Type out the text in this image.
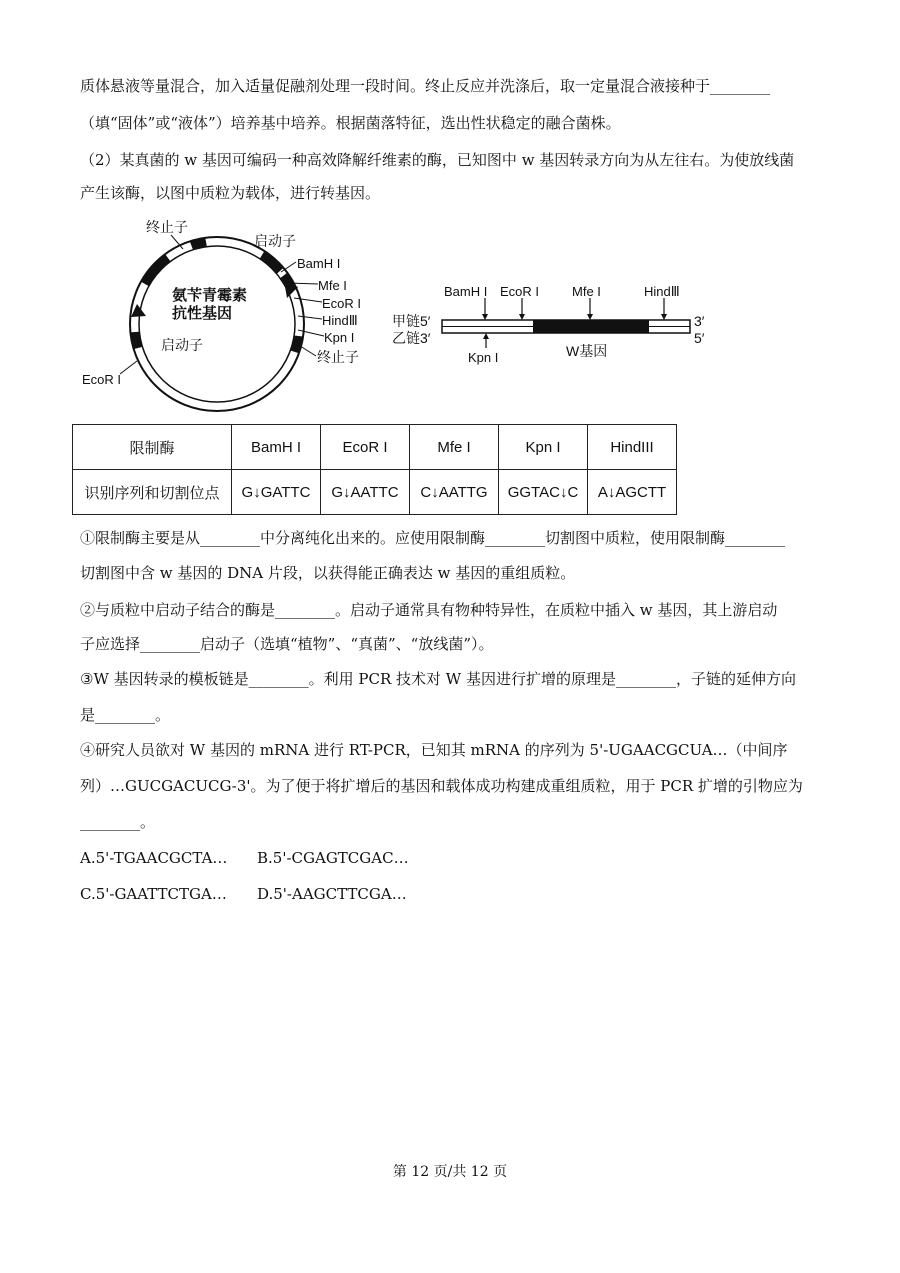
质体悬液等量混合，加入适量促融剂处理一段时间。终止反应并洗涤后，取一定量混合液接种于________
（填“固体”或“液体”）培养基中培养。根据菌落特征，选出性状稳定的融合菌株。
（2）某真菌的 w 基因可编码一种高效降解纤维素的酶，已知图中 w 基因转录方向为从左往右。为使放线菌
产生该酶，以图中质粒为载体，进行转基因。
终止子
启动子
BamH I
Mfe I
EcoR I
HindⅢ
Kpn I
终止子
启动子
EcoR I
氨苄青霉素
抗性基因
BamH I EcoR I	Mfe I	HindⅢ
Kpn I	W基因
甲链5′
乙链3′
3′
5′
限制酶	BamH I	EcoR I	Mfe I	Kpn I	HindIII
识别序列和切割位点	G↓GATTC	G↓AATTC	C↓AATTG	GGTAC↓C	A↓AGCTT
①限制酶主要是从________中分离纯化出来的。应使用限制酶________切割图中质粒，使用限制酶________
切割图中含 w 基因的 DNA 片段，以获得能正确表达 w 基因的重组质粒。
②与质粒中启动子结合的酶是________。启动子通常具有物种特异性，在质粒中插入 w 基因，其上游启动
子应选择________启动子（选填“植物”、“真菌”、“放线菌”）。
③W 基因转录的模板链是________。利用 PCR 技术对 W 基因进行扩增的原理是________，子链的延伸方向
是________。
④研究人员欲对 W 基因的 mRNA 进行 RT-PCR，已知其 mRNA 的序列为 5'-UGAACGCUA…（中间序
列）…GUCGACUCG-3'。为了便于将扩增后的基因和载体成功构建成重组质粒，用于 PCR 扩增的引物应为
________。
A.5'-TGAACGCTA… B.5'-CGAGTCGAC…
C.5'-GAATTCTGA… D.5'-AAGCTTCGA…
第 12 页/共 12 页
